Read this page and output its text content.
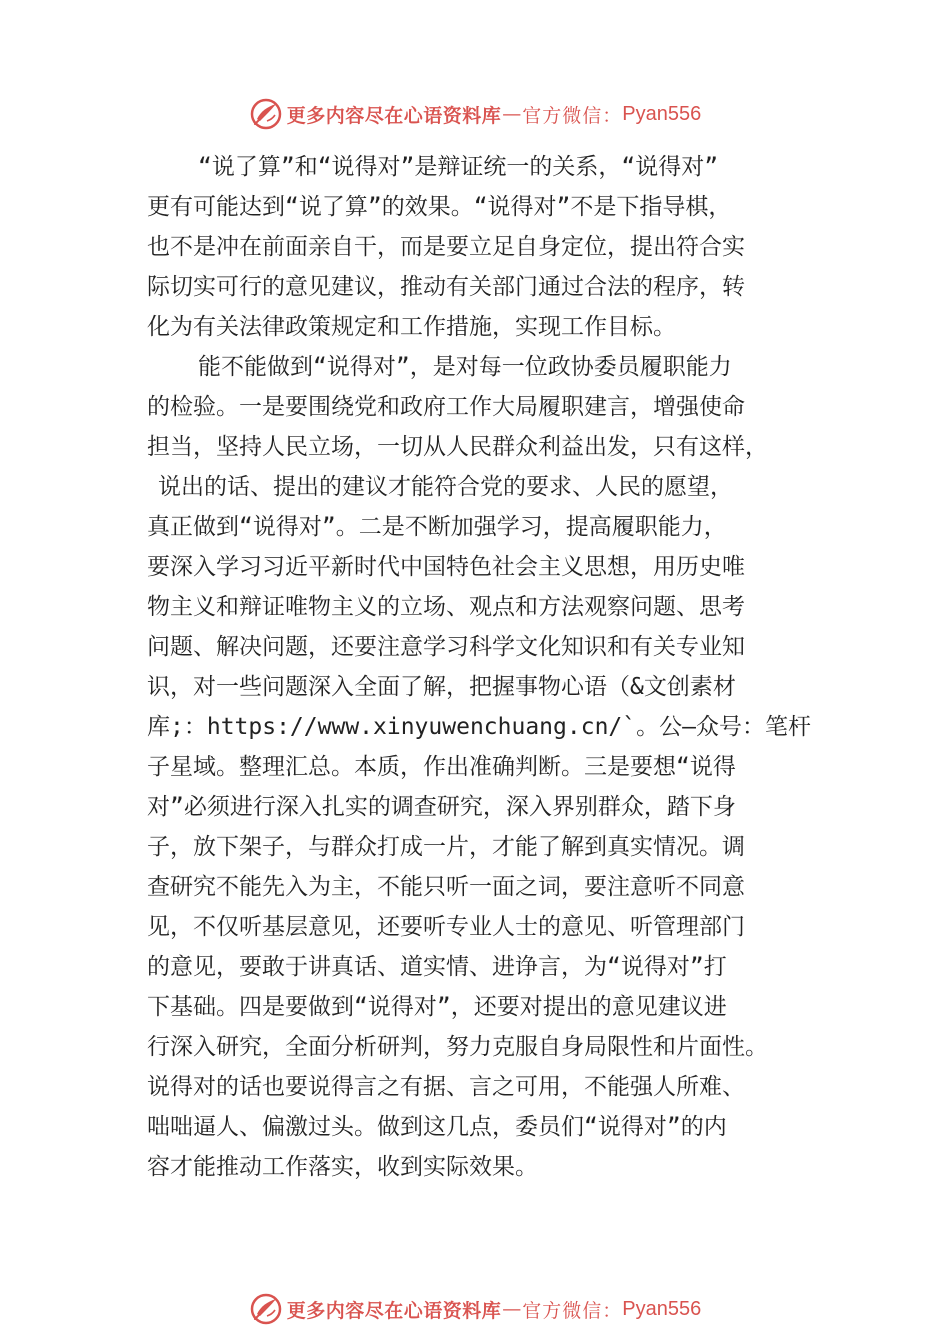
更多内容尽在心语资料库 — 官方微信： Pyan556
“说了算”和“说得对”是辩证统一的关系，“说得对”
更有可能达到“说了算”的效果。“说得对”不是下指导棋，
也不是冲在前面亲自干，而是要立足自身定位，提出符合实
际切实可行的意见建议，推动有关部门通过合法的程序，转
化为有关法律政策规定和工作措施，实现工作目标。
能不能做到“说得对”，是对每一位政协委员履职能力
的检验。一是要围绕党和政府工作大局履职建言，增强使命
担当，坚持人民立场，一切从人民群众利益出发，只有这样，
说出的话、提出的建议才能符合党的要求、人民的愿望，
真正做到“说得对”。二是不断加强学习，提高履职能力，
要深入学习习近平新时代中国特色社会主义思想，用历史唯
物主义和辩证唯物主义的立场、观点和方法观察问题、思考
问题、解决问题，还要注意学习科学文化知识和有关专业知
识，对一些问题深入全面了解，把握事物心语（&文创素材
库;：https://www.xinyuwenchuang.cn/`。公—众号：笔杆
子星域。整理汇总。本质，作出准确判断。三是要想“说得
对”必须进行深入扎实的调查研究，深入界别群众，踏下身
子，放下架子，与群众打成一片，才能了解到真实情况。调
查研究不能先入为主，不能只听一面之词，要注意听不同意
见，不仅听基层意见，还要听专业人士的意见、听管理部门
的意见，要敢于讲真话、道实情、进诤言，为“说得对”打
下基础。四是要做到“说得对”，还要对提出的意见建议进
行深入研究，全面分析研判，努力克服自身局限性和片面性。
说得对的话也要说得言之有据、言之可用，不能强人所难、
咄咄逼人、偏激过头。做到这几点，委员们“说得对”的内
容才能推动工作落实，收到实际效果。
更多内容尽在心语资料库 — 官方微信： Pyan556
